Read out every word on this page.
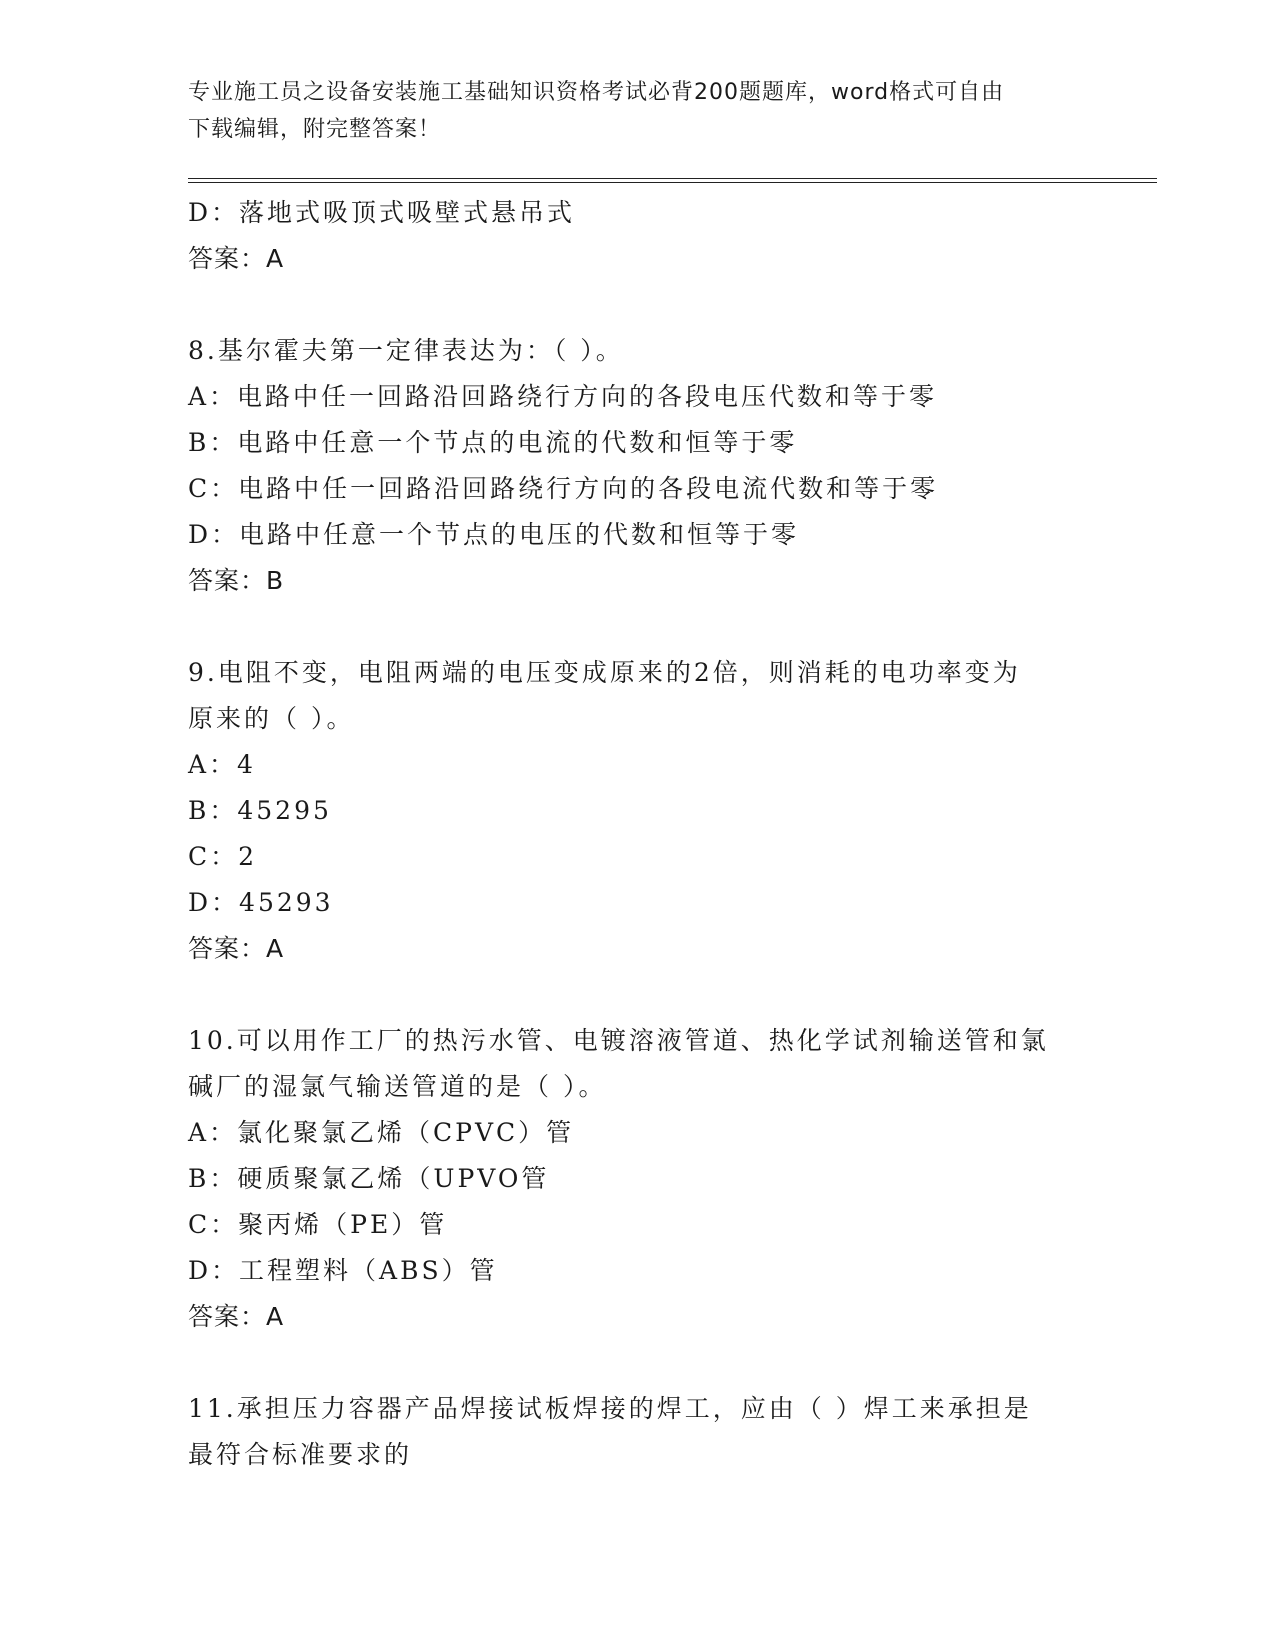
专业施工员之设备安装施工基础知识资格考试必背200题题库，word格式可自由
下载编辑，附完整答案！
D：落地式吸顶式吸壁式悬吊式
答案：A
8.基尔霍夫第一定律表达为：（ ）。
A：电路中任一回路沿回路绕行方向的各段电压代数和等于零
B：电路中任意一个节点的电流的代数和恒等于零
C：电路中任一回路沿回路绕行方向的各段电流代数和等于零
D：电路中任意一个节点的电压的代数和恒等于零
答案：B
9.电阻不变，电阻两端的电压变成原来的2倍，则消耗的电功率变为
原来的（ ）。
A：4
B：45295
C：2
D：45293
答案：A
10.可以用作工厂的热污水管、电镀溶液管道、热化学试剂输送管和氯
碱厂的湿氯气输送管道的是（ ）。
A：氯化聚氯乙烯（CPVC）管
B：硬质聚氯乙烯（UPVO管
C：聚丙烯（PE）管
D：工程塑料（ABS）管
答案：A
11.承担压力容器产品焊接试板焊接的焊工，应由（ ）焊工来承担是
最符合标准要求的
